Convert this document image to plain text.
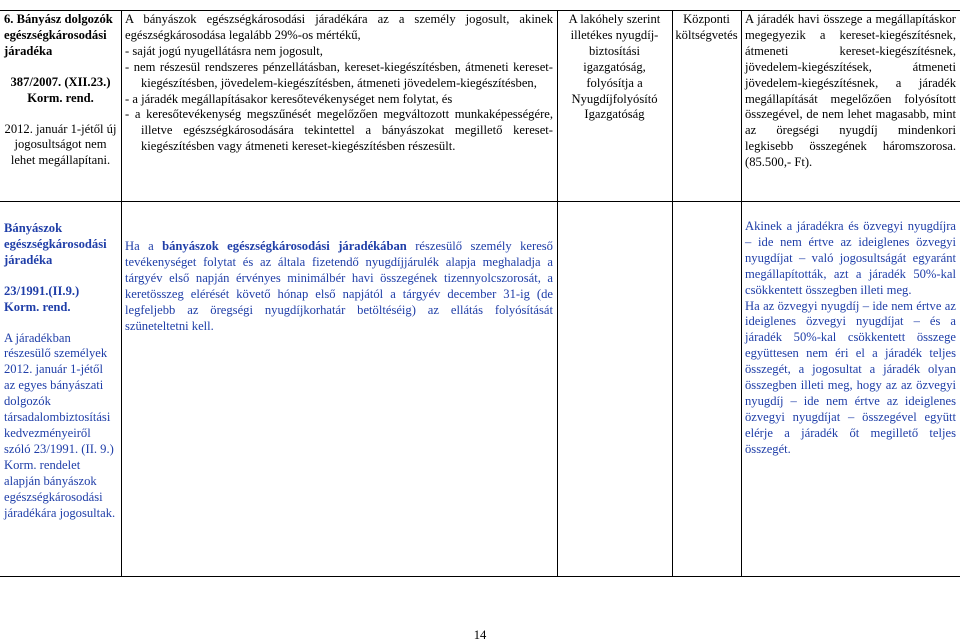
6. Bányász dolgozók egészségkárosodási járadéka

387/2007. (XII.23.) Korm. rend.

2012. január 1-jétől új jogosultságot nem lehet megállapítani.

A bányászok egészségkárosodási járadékára az a személy jogosult, akinek egészségkárosodása legalább 29%-os mértékű,

- saját jogú nyugellátásra nem jogosult,

- nem részesül rendszeres pénzellátásban, kereset-kiegészítésben, átmeneti kereset-kiegészítésben, jövedelem-kiegészítésben, átmeneti jövedelem-kiegészítésben,

- a járadék megállapításakor keresőtevékenységet nem folytat, és

- a keresőtevékenység megszűnését megelőzően megváltozott munkaképességére, illetve egészségkárosodására tekintettel a bányászokat megillető kereset-kiegészítésben vagy átmeneti kereset-kiegészítésben részesült.

A lakóhely szerint illetékes nyugdíj-biztosítási igazgatóság, folyósítja a Nyugdíjfolyósító Igazgatóság

Központi költségvetés

A járadék havi összege a megállapításkor megegyezik a kereset-kiegészítésnek, átmeneti kereset-kiegészítésnek, jövedelem-kiegészítések, átmeneti jövedelem-kiegészítésnek, a járadék megállapítását megelőzően folyósított összegével, de nem lehet magasabb, mint az öregségi nyugdíj mindenkori legkisebb összegének háromszorosa. (85.500,- Ft).

Bányászok egészségkárosodási járadéka

23/1991.(II.9.) Korm. rend.

A járadékban részesülő személyek 2012. január 1-jétől az egyes bányászati dolgozók társadalombiztosítási kedvezményeiről szóló 23/1991. (II. 9.) Korm. rendelet alapján bányászok egészségkárosodási járadékára jogosultak.

Ha a bányászok egészségkárosodási járadékában részesülő személy kereső tevékenységet folytat és az általa fizetendő nyugdíjjárulék alapja meghaladja a tárgyév első napján érvényes minimálbér havi összegének tizennyolcszorosát, a keretösszeg elérését követő hónap első napjától a tárgyév december 31-ig (de legfeljebb az öregségi nyugdíjkorhatár betöltéséig) az ellátás folyósítását szüneteltetni kell.

Akinek a járadékra és özvegyi nyugdíjra – ide nem értve az ideiglenes özvegyi nyugdíjat – való jogosultságát egyaránt megállapították, azt a járadék 50%-kal csökkentett összegben illeti meg.

Ha az özvegyi nyugdíj – ide nem értve az ideiglenes özvegyi nyugdíjat – és a járadék 50%-kal csökkentett összege együttesen nem éri el a járadék teljes összegét, a jogosultat a járadék olyan összegben illeti meg, hogy az az özvegyi nyugdíj – ide nem értve az ideiglenes özvegyi nyugdíjat – összegével együtt elérje a járadék őt megillető teljes összegét.

14
